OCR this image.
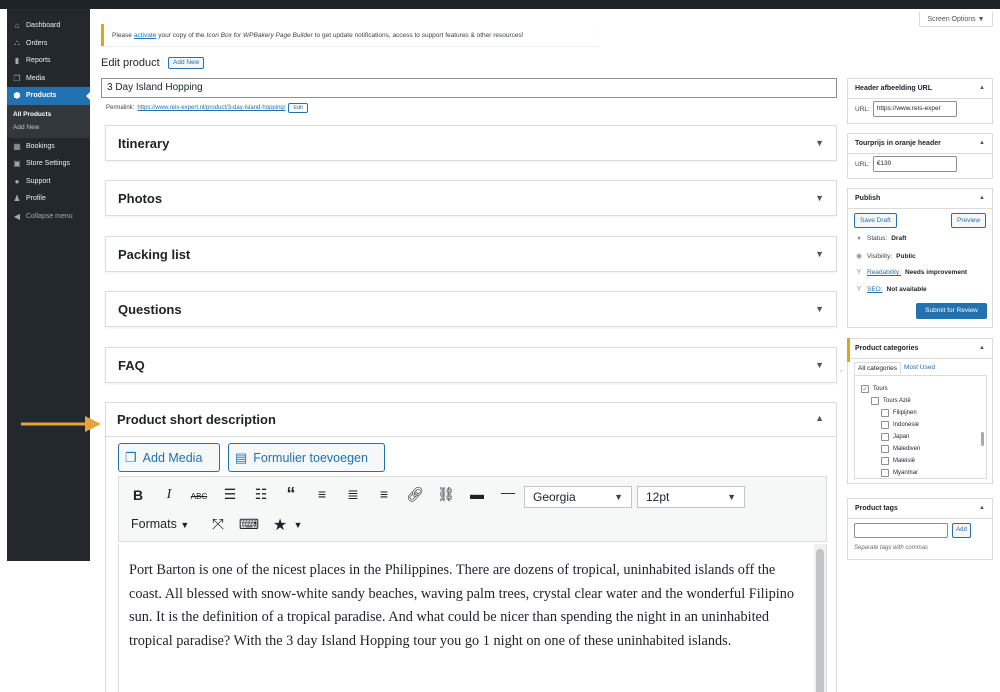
⌂ Dashboard
⛬ Orders
▮ Reports
❐ Media
⬢ Products
All Products
Add New
▦ Bookings
▣ Store Settings
● Support
♟ Profile
◀ Collapse menu
Screen Options ▼
Please activate your copy of the Icon Box for WPBakery Page Builder to get update notifications, access to support features & other resources!
Edit product	Add New
3 Day Island Hopping
Permalink: https://www.reis-expert.nl/product/3-day-island-hopping/	Edit
Itinerary	▼
Photos	▼
Packing list	▼
Questions	▼
FAQ	▼
Product short description	▲
❐ Add Media	▤ Formulier toevoegen
B	I	ABC	☰	☷	“	≡	≣	≡	🔗︎ ⛓ ▬ —	Georgia	▼ 12pt	▼
Formats ▼	⤧	⌨ ★ ▼
Port Barton is one of the nicest places in the Philippines. There are dozens of tropical, uninhabited islands off the coast. All blessed with snow-white sandy beaches, waving palm trees, crystal clear water and the wonderful Filipino sun. It is the definition of a tropical paradise. And what could be nicer than spending the night in an uninhabited tropical paradise? With the 3 day Island Hopping tour you go 1 night on one of these uninhabited islands.
Header afbeelding URL	▲
URL:	https://www.reis-exper
Tourprijs in oranje header	▲
URL:	€130
Publish	▲
Save Draft	Preview
♦ Status: Draft
◉ Visibility: Public
Y Readability: Needs improvement
Y SEO: Not available
Submit for Review
-
Product categories	▲
All categories	Most Used
✓ Tours
Tours Azië
Filipijnen
Indonesie
Japan
Malediven
Maleisië
Myanmar
Product tags	▲
Add
Separate tags with commas
